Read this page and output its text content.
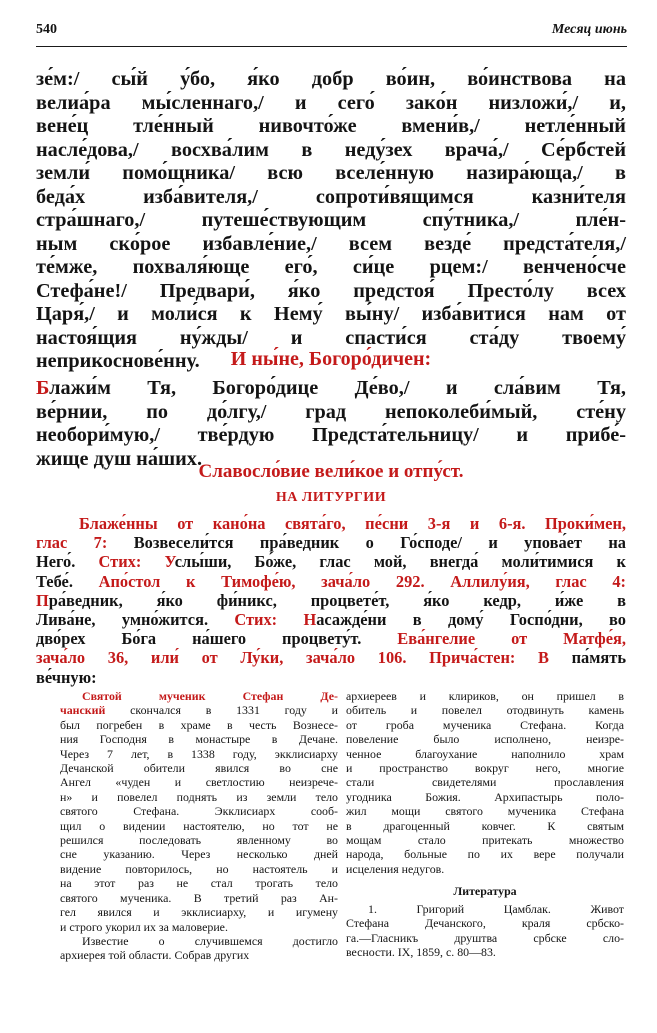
540	Месяц июнь
зе́м:/ сы́й у́бо, я́ко добр во́ин, во́инствова на
велиа́ра мы́сленнаго,/ и сего́ зако́н низложи́,/ и,
вене́ц тле́нный нивочто́же вмени́в,/ нетле́нный
насле́дова,/ восхва́лим в неду́зех врача́,/ Се́рбстей
земли́ помо́щника/ всю вселе́нную назира́юща,/ в
беда́х изба́вителя,/ сопроти́вящимся казни́теля
стра́шнаго,/ путеше́ствующим спу́тника,/ пле́н-
ным ско́рое избавле́ние,/ всем везде́ предста́теля,/
те́мже, похваля́юще его́, си́це рцем:/ венчено́сче
Стефа́не!/ Предвари́, я́ко предстоя́ Престо́лу всех
Царя́,/ и моли́ся к Нему́ вы́ну/ изба́витися нам от
настоя́щия ну́жды/ и спасти́ся ста́ду твоему́
неприкоснове́нну.	И ны́не, Богоро́дичен:
Блажи́м Тя, Богоро́дице Де́во,/ и сла́вим Тя,
ве́рнии, по до́лгу,/ град непоколеби́мый, сте́ну
необори́мую,/ тве́рдую Предста́тельницу/ и прибе́-
жище душ на́ших.
Славосло́вие вели́кое и отпу́ст.
НА ЛИТУРГИИ
Блаже́нны от кано́на свята́го, пе́сни 3-я и 6-я. Проки́мен,
глас 7: Возвесели́тся пра́ведник о Го́споде/ и упова́ет на
Него́. Стих: Услы́ши, Бо́же, глас мой, внегда́ моли́тимися к
Тебе́. Апо́стол к Тимофе́ю, зача́ло 292. Аллилу́ия, глас 4:
Пра́ведник, я́ко фи́никс, процвете́т, я́ко кедр, и́же в
Лива́не, умно́жится. Стих: Насажде́ни в дому́ Госпо́дни, во
дво́рех Бо́га на́шего процвету́т. Ева́нгелие от Матфе́я,
зача́ло 36, или́ от Лу́ки, зача́ло 106. Прича́стен: В па́мять
ве́чную:
Святой мученик Стефан Де-
чанский скончался в 1331 году и
был погребен в храме в честь Вознесе-
ния Господня в монастыре в Дечане.
Через 7 лет, в 1338 году, экклисиарху
Дечанской обители явился во сне
Ангел «чуден и светлостию неизрече-
н» и повелел поднять из земли тело
святого Стефана. Экклисиарх сооб-
щил о видении настоятелю, но тот не
решился последовать явленному во
сне указанию. Через несколько дней
видение повторилось, но настоятель и
на этот раз не стал трогать тело
святого мученика. В третий раз Ан-
гел явился и экклисиарху, и игумену
и строго укорил их за маловерие.
Известие о случившемся достигло
архиерея той области. Собрав других
архиереев и клириков, он пришел в
обитель и повелел отодвинуть камень
от гроба мученика Стефана. Когда
повеление было исполнено, неизре-
ченное благоухание наполнило храм
и пространство вокруг него, многие
стали свидетелями прославления
угодника Божия. Архипастырь поло-
жил мощи святого мученика Стефана
в драгоценный ковчег. К святым
мощам стало притекать множество
народа, больные по их вере получали
исцеления недугов.
Литература
1. Григорий Цамблак. Живот
Стефана Дечанского, краля србско-
га.—Гласникъ друштва србске сло-
весности. IX, 1859, с. 80—83.
